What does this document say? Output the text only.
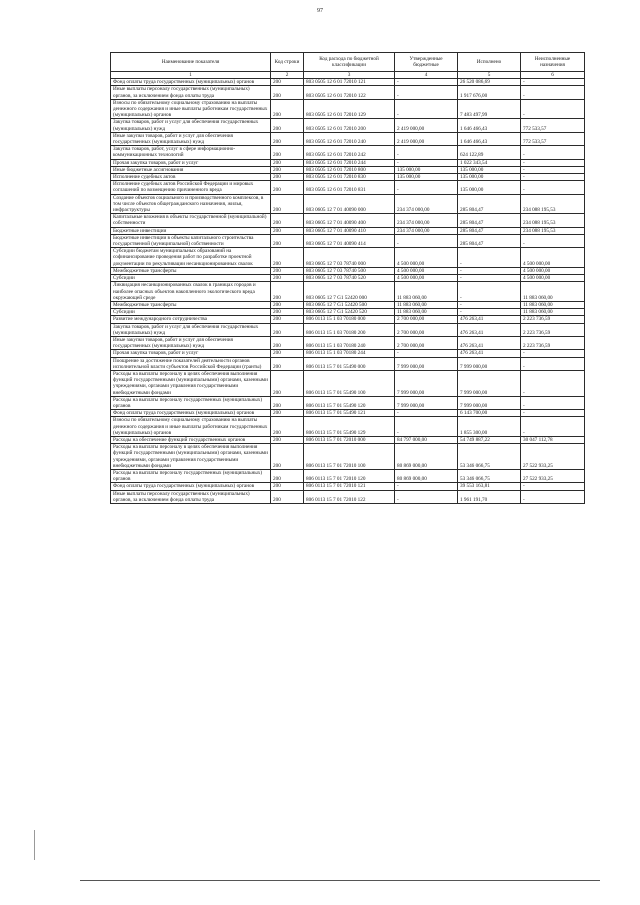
97
Наименование показателя	Код строки	Код расхода по бюджетной классификации	Утвержденные бюджетные	Исполнено	Неисполненные назначения
1	2	3	4	5	6
Фонд оплаты труда государственных (муниципальных) органов	200	803 0505 12 6 01 72010 121	-	26 520 086,69	-
Иные выплаты персоналу государственных (муниципальных) органов, за исключением фонда оплаты труда	200	803 0505 12 6 01 72010 122	-	1 917 676,00	-
Взносы по обязательному социальному страхованию на выплаты денежного содержания и иные выплаты работникам государственных (муниципальных) органов	200	803 0505 12 6 01 72010 129	-	7 483 497,99	-
Закупка товаров, работ и услуг для обеспечения государственных (муниципальных) нужд	200	803 0505 12 6 01 72010 200	2 419 000,00	1 646 466,43	772 533,57
Иные закупки товаров, работ и услуг для обеспечения государственных (муниципальных) нужд	200	803 0505 12 6 01 72010 240	2 419 000,00	1 646 466,43	772 533,57
Закупка товаров, работ, услуг в сфере информационно-коммуникационных технологий	200	803 0505 12 6 01 72010 242	-	624 122,89	-
Прочая закупка товаров, работ и услуг	200	803 0505 12 6 01 72010 244	-	1 022 343,54	-
Иные бюджетные ассигнования	200	803 0505 12 6 01 72010 800	135 000,00	135 000,00	-
Исполнение судебных актов	200	803 0505 12 6 01 72010 830	135 000,00	135 000,00	-
Исполнение судебных актов Российской Федерации и мировых соглашений по возмещению причиненного вреда	200	803 0505 12 6 01 72010 831	-	135 000,00	-
Создание объектов социального и производственного комплексов, в том числе объектов общегражданского назначения, жилья, инфраструктуры	200	803 0605 12 7 01 40090 000	234 374 000,00	285 804,47	234 088 195,53
Капитальные вложения в объекты государственной (муниципальной) собственности	200	803 0605 12 7 01 40090 400	234 374 000,00	285 804,47	234 088 195,53
Бюджетные инвестиции	200	803 0605 12 7 01 40090 410	234 374 000,00	285 804,47	234 088 195,53
Бюджетные инвестиции в объекты капитального строительства государственной (муниципальной) собственности	200	803 0605 12 7 01 40090 414	-	285 804,47	-
Субсидии бюджетам муниципальных образований на софинансирование проведения работ по разработке проектной документации по рекультивации несанкционированных свалок	200	803 0605 12 7 03 78740 000	4 500 000,00	-	4 500 000,00
Межбюджетные трансферты	200	803 0605 12 7 03 78740 500	4 500 000,00	-	4 500 000,00
Субсидии	200	803 0605 12 7 03 78740 520	4 500 000,00	-	4 500 000,00
Ликвидация несанкционированных свалок в границах городов и наиболее опасных объектов накопленного экологического вреда окружающей среде	200	803 0605 12 7 G1 52420 000	11 883 060,00	-	11 883 060,00
Межбюджетные трансферты	200	803 0605 12 7 G1 52420 500	11 883 060,00	-	11 883 060,00
Субсидии	200	803 0605 12 7 G1 52420 520	11 883 060,00	-	11 883 060,00
Развитие международного сотрудничества	200	806 0113 15 1 03 70180 000	2 700 000,00	476 263,41	2 223 736,59
Закупка товаров, работ и услуг для обеспечения государственных (муниципальных) нужд	200	806 0113 15 1 03 70180 200	2 700 000,00	476 263,41	2 223 736,59
Иные закупки товаров, работ и услуг для обеспечения государственных (муниципальных) нужд	200	806 0113 15 1 03 70180 240	2 700 000,00	476 263,41	2 223 736,59
Прочая закупка товаров, работ и услуг	200	806 0113 15 1 03 70180 244	-	476 263,41	-
Поощрение за достижение показателей деятельности органов исполнительной власти субъектов Российской Федерации (гранты)	200	806 0113 15 7 01 55490 000	7 999 000,00	7 999 000,00	-
Расходы на выплаты персоналу в целях обеспечения выполнения функций государственными (муниципальными) органами, казенными учреждениями, органами управления государственными внебюджетными фондами	200	806 0113 15 7 01 55490 100	7 999 000,00	7 999 000,00	-
Расходы на выплаты персоналу государственных (муниципальных) органов	200	806 0113 15 7 01 55490 120	7 999 000,00	7 999 000,00	-
Фонд оплаты труда государственных (муниципальных) органов	200	806 0113 15 7 01 55490 121	-	6 143 700,00	-
Взносы по обязательному социальному страхованию на выплаты денежного содержания и иные выплаты работникам государственных (муниципальных) органов	200	806 0113 15 7 01 55490 129	-	1 855 300,00	-
Расходы на обеспечение функций государственных органов	200	806 0113 15 7 01 72010 000	84 797 000,00	54 749 887,22	30 047 112,78
Расходы на выплаты персоналу в целях обеспечения выполнения функций государственными (муниципальными) органами, казенными учреждениями, органами управления государственными внебюджетными фондами	200	806 0113 15 7 01 72010 100	80 869 000,00	53 346 066,75	27 522 933,25
Расходы на выплаты персоналу государственных (муниципальных) органов	200	806 0113 15 7 01 72010 120	80 869 000,00	53 346 066,75	27 522 933,25
Фонд оплаты труда государственных (муниципальных) органов	200	806 0113 15 7 01 72010 121	-	39 553 163,81	-
Иные выплаты персоналу государственных (муниципальных) органов, за исключением фонда оплаты труда	200	806 0113 15 7 01 72010 122	-	1 961 191,70	-
